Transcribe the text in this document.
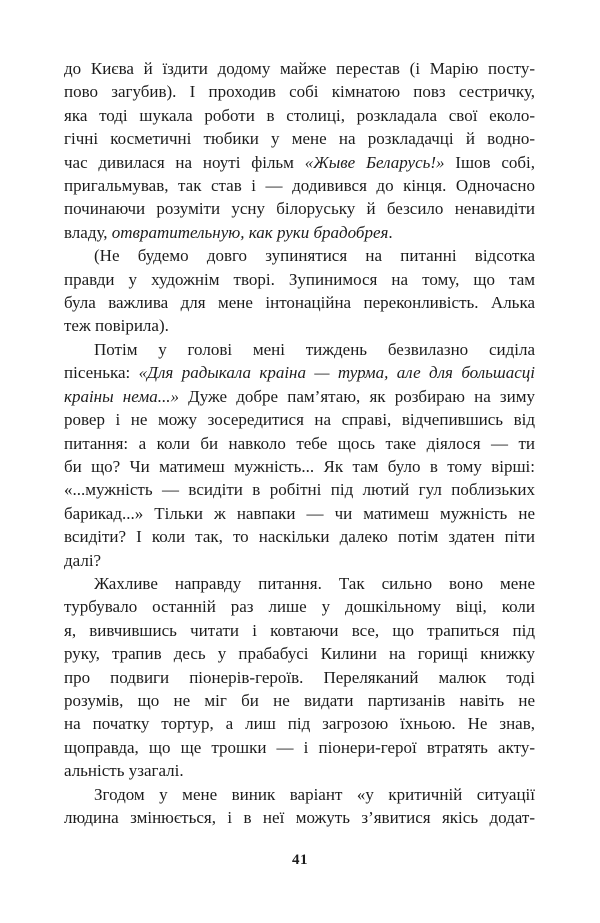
до Києва й їздити додому майже перестав (і Марію посту-
пово загубив). І проходив собі кімнатою повз сестричку,
яка тоді шукала роботи в столиці, розкладала свої еколо-
гічні косметичні тюбики у мене на розкладачці й водно-
час дивилася на ноуті фільм «Жыве Беларусь!» Ішов собі,
пригальмував, так став і — додивився до кінця. Одночасно
починаючи розуміти усну білоруську й безсило ненавидіти
владу, отвратительную, как руки брадобрея.
(Не будемо довго зупинятися на питанні відсотка
правди у художнім творі. Зупинимося на тому, що там
була важлива для мене інтонаційна переконливість. Алька
теж повірила).
Потім у голові мені тиждень безвилазно сиділа
пісенька: «Для радыкала краіна — турма, але для большасці
краіны нема...» Дуже добре пам’ятаю, як розбираю на зиму
ровер і не можу зосередитися на справі, відчепившись від
питання: а коли би навколо тебе щось таке діялося — ти
би що? Чи матимеш мужність... Як там було в тому вірші:
«...мужність — всидіти в робітні під лютий гул поблизьких
барикад...» Тільки ж навпаки — чи матимеш мужність не
всидіти? І коли так, то наскільки далеко потім здатен піти
далі?
Жахливе направду питання. Так сильно воно мене
турбувало останній раз лише у дошкільному віці, коли
я, вивчившись читати і ковтаючи все, що трапиться під
руку, трапив десь у прабабусі Килини на горищі книжку
про подвиги піонерів-героїв. Переляканий малюк тоді
розумів, що не міг би не видати партизанів навіть не
на початку тортур, а лиш під загрозою їхньою. Не знав,
щоправда, що ще трошки — і піонери-герої втратять акту-
альність узагалі.
Згодом у мене виник варіант «у критичній ситуації
людина змінюється, і в неї можуть з’явитися якісь додат-
41
